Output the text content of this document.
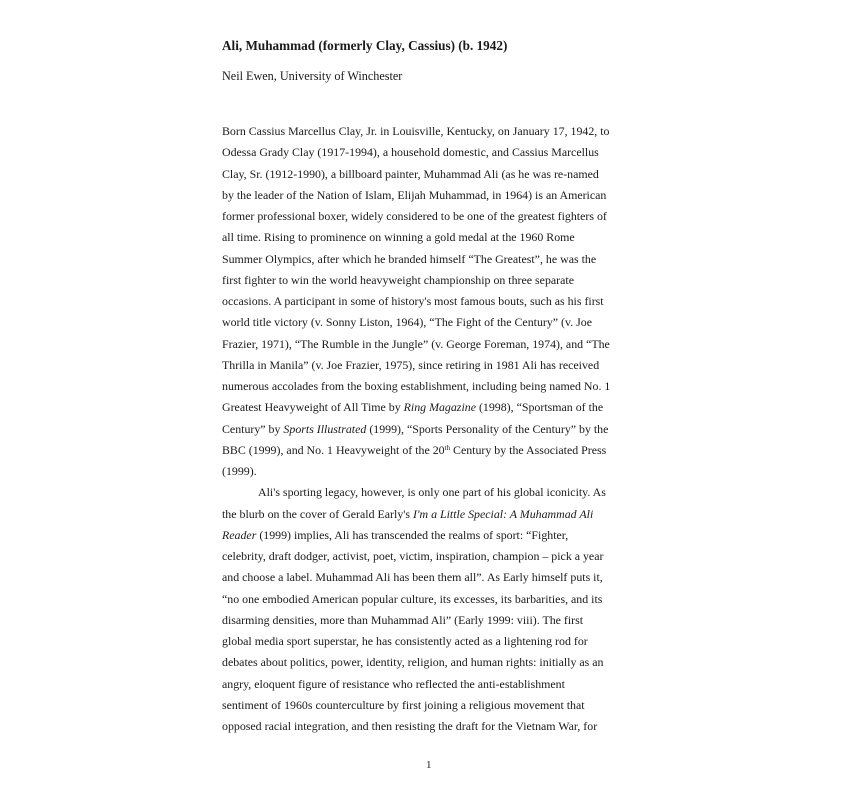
Ali, Muhammad (formerly Clay, Cassius) (b. 1942)
Neil Ewen, University of Winchester
Born Cassius Marcellus Clay, Jr. in Louisville, Kentucky, on January 17, 1942, to
Odessa Grady Clay (1917-1994), a household domestic, and Cassius Marcellus
Clay, Sr. (1912-1990), a billboard painter, Muhammad Ali (as he was re-named
by the leader of the Nation of Islam, Elijah Muhammad, in 1964) is an American
former professional boxer, widely considered to be one of the greatest fighters of
all time. Rising to prominence on winning a gold medal at the 1960 Rome
Summer Olympics, after which he branded himself “The Greatest”, he was the
first fighter to win the world heavyweight championship on three separate
occasions. A participant in some of history's most famous bouts, such as his first
world title victory (v. Sonny Liston, 1964), “The Fight of the Century” (v. Joe
Frazier, 1971), “The Rumble in the Jungle” (v. George Foreman, 1974), and “The
Thrilla in Manila” (v. Joe Frazier, 1975), since retiring in 1981 Ali has received
numerous accolades from the boxing establishment, including being named No. 1
Greatest Heavyweight of All Time by Ring Magazine (1998), “Sportsman of the
Century” by Sports Illustrated (1999), “Sports Personality of the Century” by the
BBC (1999), and No. 1 Heavyweight of the 20th Century by the Associated Press
(1999).
Ali's sporting legacy, however, is only one part of his global iconicity. As
the blurb on the cover of Gerald Early's I'm a Little Special: A Muhammad Ali
Reader (1999) implies, Ali has transcended the realms of sport: “Fighter,
celebrity, draft dodger, activist, poet, victim, inspiration, champion – pick a year
and choose a label. Muhammad Ali has been them all”. As Early himself puts it,
“no one embodied American popular culture, its excesses, its barbarities, and its
disarming densities, more than Muhammad Ali” (Early 1999: viii). The first
global media sport superstar, he has consistently acted as a lightening rod for
debates about politics, power, identity, religion, and human rights: initially as an
angry, eloquent figure of resistance who reflected the anti-establishment
sentiment of 1960s counterculture by first joining a religious movement that
opposed racial integration, and then resisting the draft for the Vietnam War, for
1
